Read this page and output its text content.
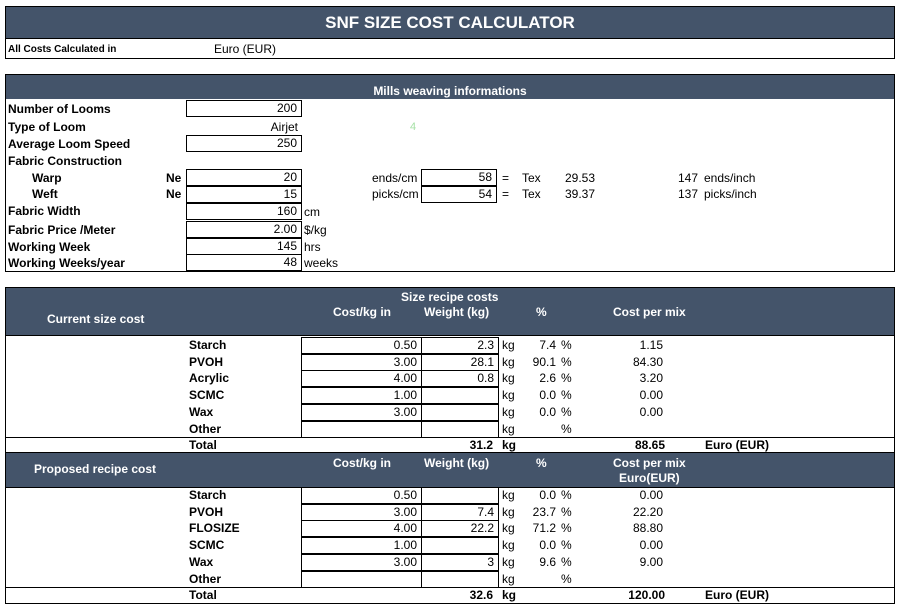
SNF SIZE COST CALCULATOR
All Costs Calculated in	Euro (EUR)
Mills weaving informations
Number of Looms	200
Type of Loom	Airjet	4
Average Loom Speed	250
Fabric Construction
Warp	Ne	20	ends/cm	58 = Tex 29.53	147 ends/inch
Weft	Ne	15	picks/cm	54 = Tex 39.37	137 picks/inch
Fabric Width	160 cm
Fabric Price /Meter	2.00 $/kg
Working Week	145 hrs
Working Weeks/year	48 weeks
Size recipe costs
Current size cost	Cost/kg in	Weight (kg)	%	Cost per mix
Starch	0.50	2.3 kg	7.4 %	1.15
PVOH	3.00	28.1 kg	90.1 %	84.30
Acrylic	4.00	0.8 kg	2.6 %	3.20
SCMC	1.00	kg	0.0 %	0.00
Wax	3.00	kg	0.0 %	0.00
Other	kg	%
Total	31.2 kg	88.65	Euro (EUR)
Proposed recipe cost	Cost/kg in	Weight (kg)	%	Cost per mix
Euro(EUR)
Starch	0.50	kg	0.0 %	0.00
PVOH	3.00	7.4 kg	23.7 %	22.20
FLOSIZE	4.00	22.2 kg	71.2 %	88.80
SCMC	1.00	kg	0.0 %	0.00
Wax	3.00	3 kg	9.6 %	9.00
Other	kg	%
Total	32.6 kg	120.00	Euro (EUR)
